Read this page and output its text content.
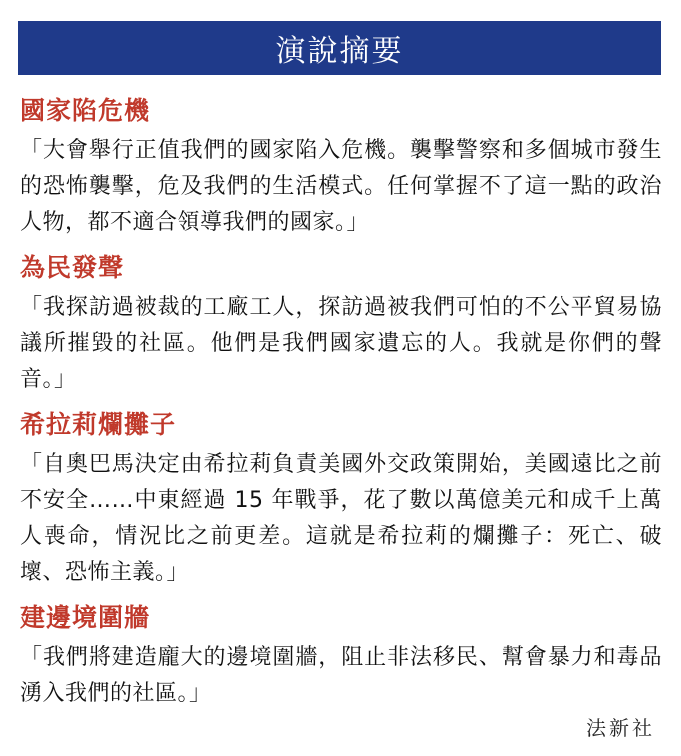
演說摘要
國家陷危機
「大會舉行正值我們的國家陷入危機。襲擊警察和多個城市發生的恐怖襲擊，危及我們的生活模式。任何掌握不了這一點的政治人物，都不適合領導我們的國家。」
為民發聲
「我探訪過被裁的工廠工人，探訪過被我們可怕的不公平貿易協議所摧毀的社區。他們是我們國家遺忘的人。我就是你們的聲音。」
希拉莉爛攤子
「自奧巴馬決定由希拉莉負責美國外交政策開始，美國遠比之前不安全……中東經過 15 年戰爭，花了數以萬億美元和成千上萬人喪命，情況比之前更差。這就是希拉莉的爛攤子：死亡、破壞、恐怖主義。」
建邊境圍牆
「我們將建造龐大的邊境圍牆，阻止非法移民、幫會暴力和毒品湧入我們的社區。」
法新社
